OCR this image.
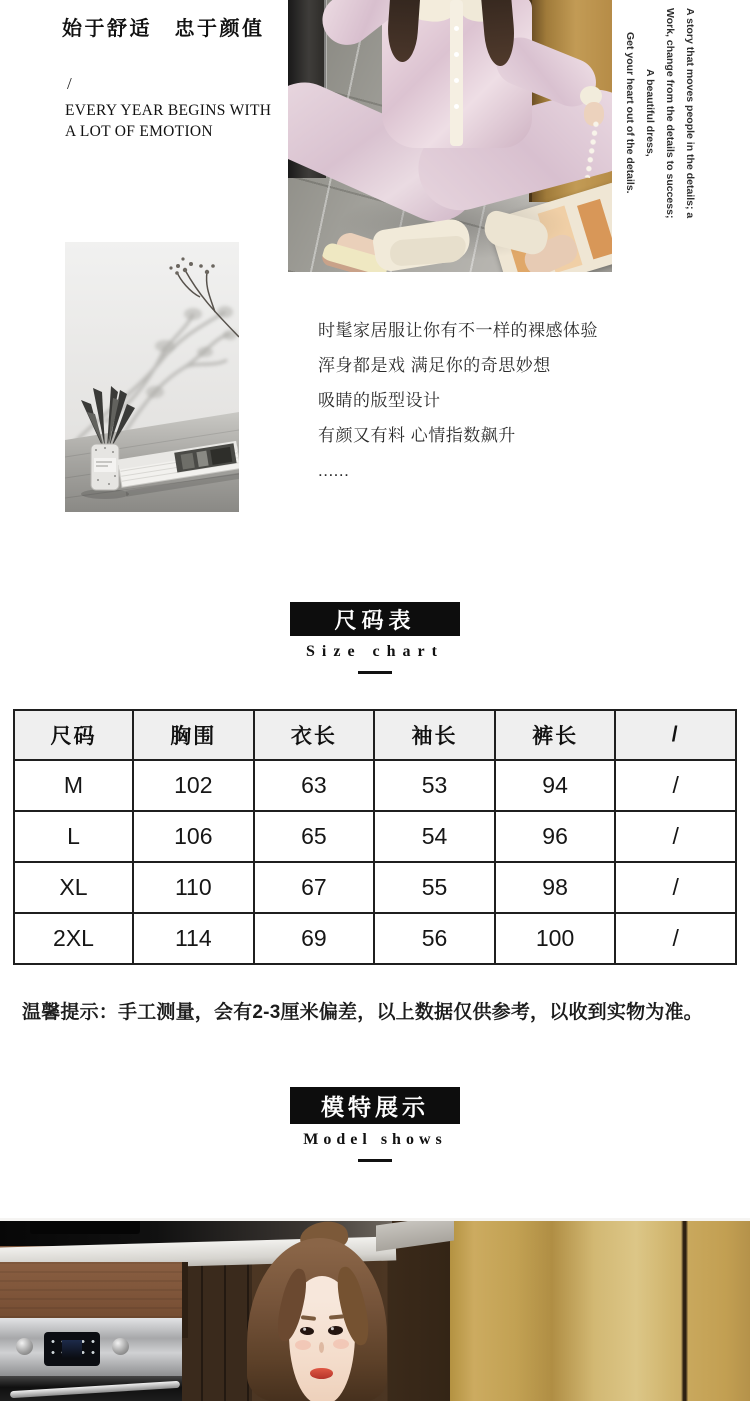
始于舒适　忠于颜值
/
EVERY YEAR BEGINS WITH
A LOT OF EMOTION	A story that moves people in the details; a
Work, change from the details to success;
A beautiful dress,
Get your heart out of the details.
时髦家居服让你有不一样的裸感体验
浑身都是戏 满足你的奇思妙想
吸睛的版型设计
有颜又有料 心情指数飙升
......
尺码表
Size chart
尺码	胸围	衣长	袖长	裤长	/
M	102	63	53	94	/
L	106	65	54	96	/
XL	110	67	55	98	/
2XL	114	69	56	100	/
温馨提示：手工测量，会有2-3厘米偏差，以上数据仅供参考，以收到实物为准。
模特展示
Model shows
